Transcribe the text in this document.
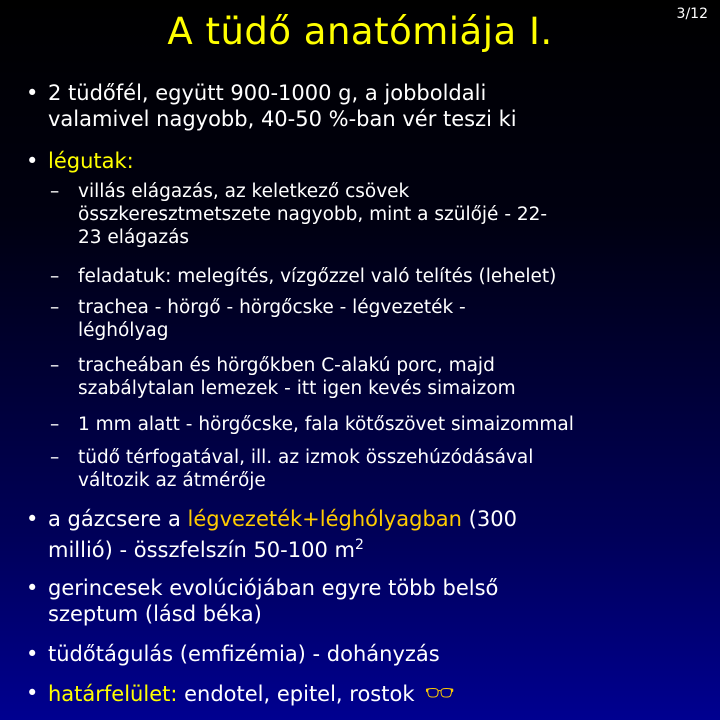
A tüdő anatómiája I.	3/12
• 2 tüdőfél, együtt 900-1000 g, a jobboldali
valamivel nagyobb, 40-50 %-ban vér teszi ki
• légutak:
– villás elágazás, az keletkező csövek
összkeresztmetszete nagyobb, mint a szülőjé - 22-
23 elágazás
– feladatuk: melegítés, vízgőzzel való telítés (lehelet)
– trachea - hörgő - hörgőcske - légvezeték -
léghólyag
– tracheában és hörgőkben C-alakú porc, majd
szabálytalan lemezek - itt igen kevés simaizom
– 1 mm alatt - hörgőcske, fala kötőszövet simaizommal
– tüdő térfogatával, ill. az izmok összehúzódásával
változik az átmérője
• a gázcsere a légvezeték+léghólyagban (300
millió) - összfelszín 50-100 $m^2$
• gerincesek evolúciójában egyre több belső
szeptum (lásd béka)
• tüdőtágulás (emfizémia) - dohányzás
• határfelület: endotel, epitel, rostok 👓︎
